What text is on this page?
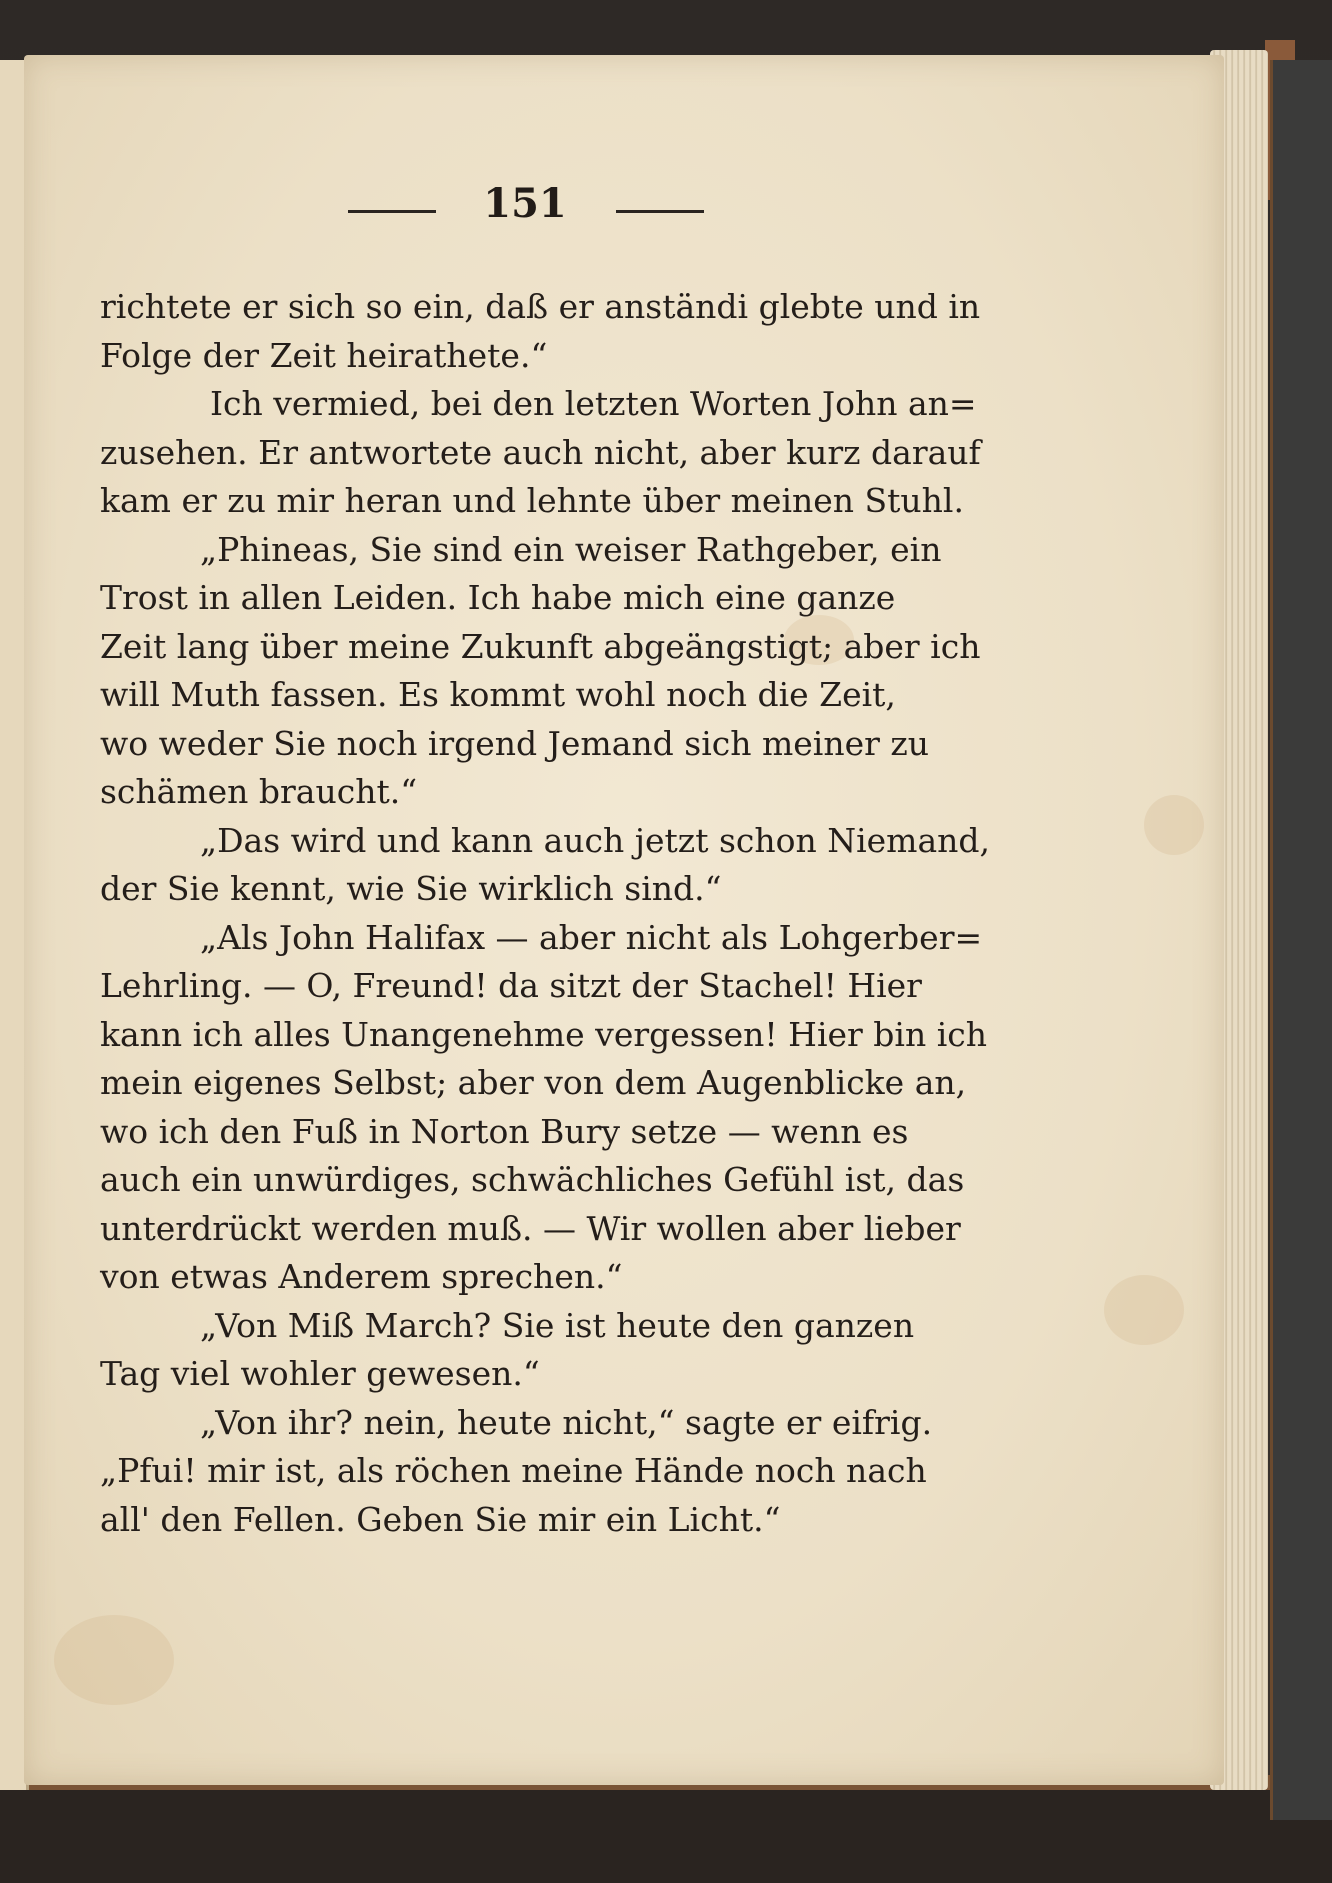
151
richtete er sich so ein, daß er anständi glebte und in
Folge der Zeit heirathete.“
Ich vermied, bei den letzten Worten John an=
zusehen. Er antwortete auch nicht, aber kurz darauf
kam er zu mir heran und lehnte über meinen Stuhl.
„Phineas, Sie sind ein weiser Rathgeber, ein
Trost in allen Leiden. Ich habe mich eine ganze
Zeit lang über meine Zukunft abgeängstigt; aber ich
will Muth fassen. Es kommt wohl noch die Zeit,
wo weder Sie noch irgend Jemand sich meiner zu
schämen braucht.“
„Das wird und kann auch jetzt schon Niemand,
der Sie kennt, wie Sie wirklich sind.“
„Als John Halifax — aber nicht als Lohgerber=
Lehrling. — O, Freund! da sitzt der Stachel! Hier
kann ich alles Unangenehme vergessen! Hier bin ich
mein eigenes Selbst; aber von dem Augenblicke an,
wo ich den Fuß in Norton Bury setze — wenn es
auch ein unwürdiges, schwächliches Gefühl ist, das
unterdrückt werden muß. — Wir wollen aber lieber
von etwas Anderem sprechen.“
„Von Miß March? Sie ist heute den ganzen
Tag viel wohler gewesen.“
„Von ihr? nein, heute nicht,“ sagte er eifrig.
„Pfui! mir ist, als röchen meine Hände noch nach
all' den Fellen. Geben Sie mir ein Licht.“
